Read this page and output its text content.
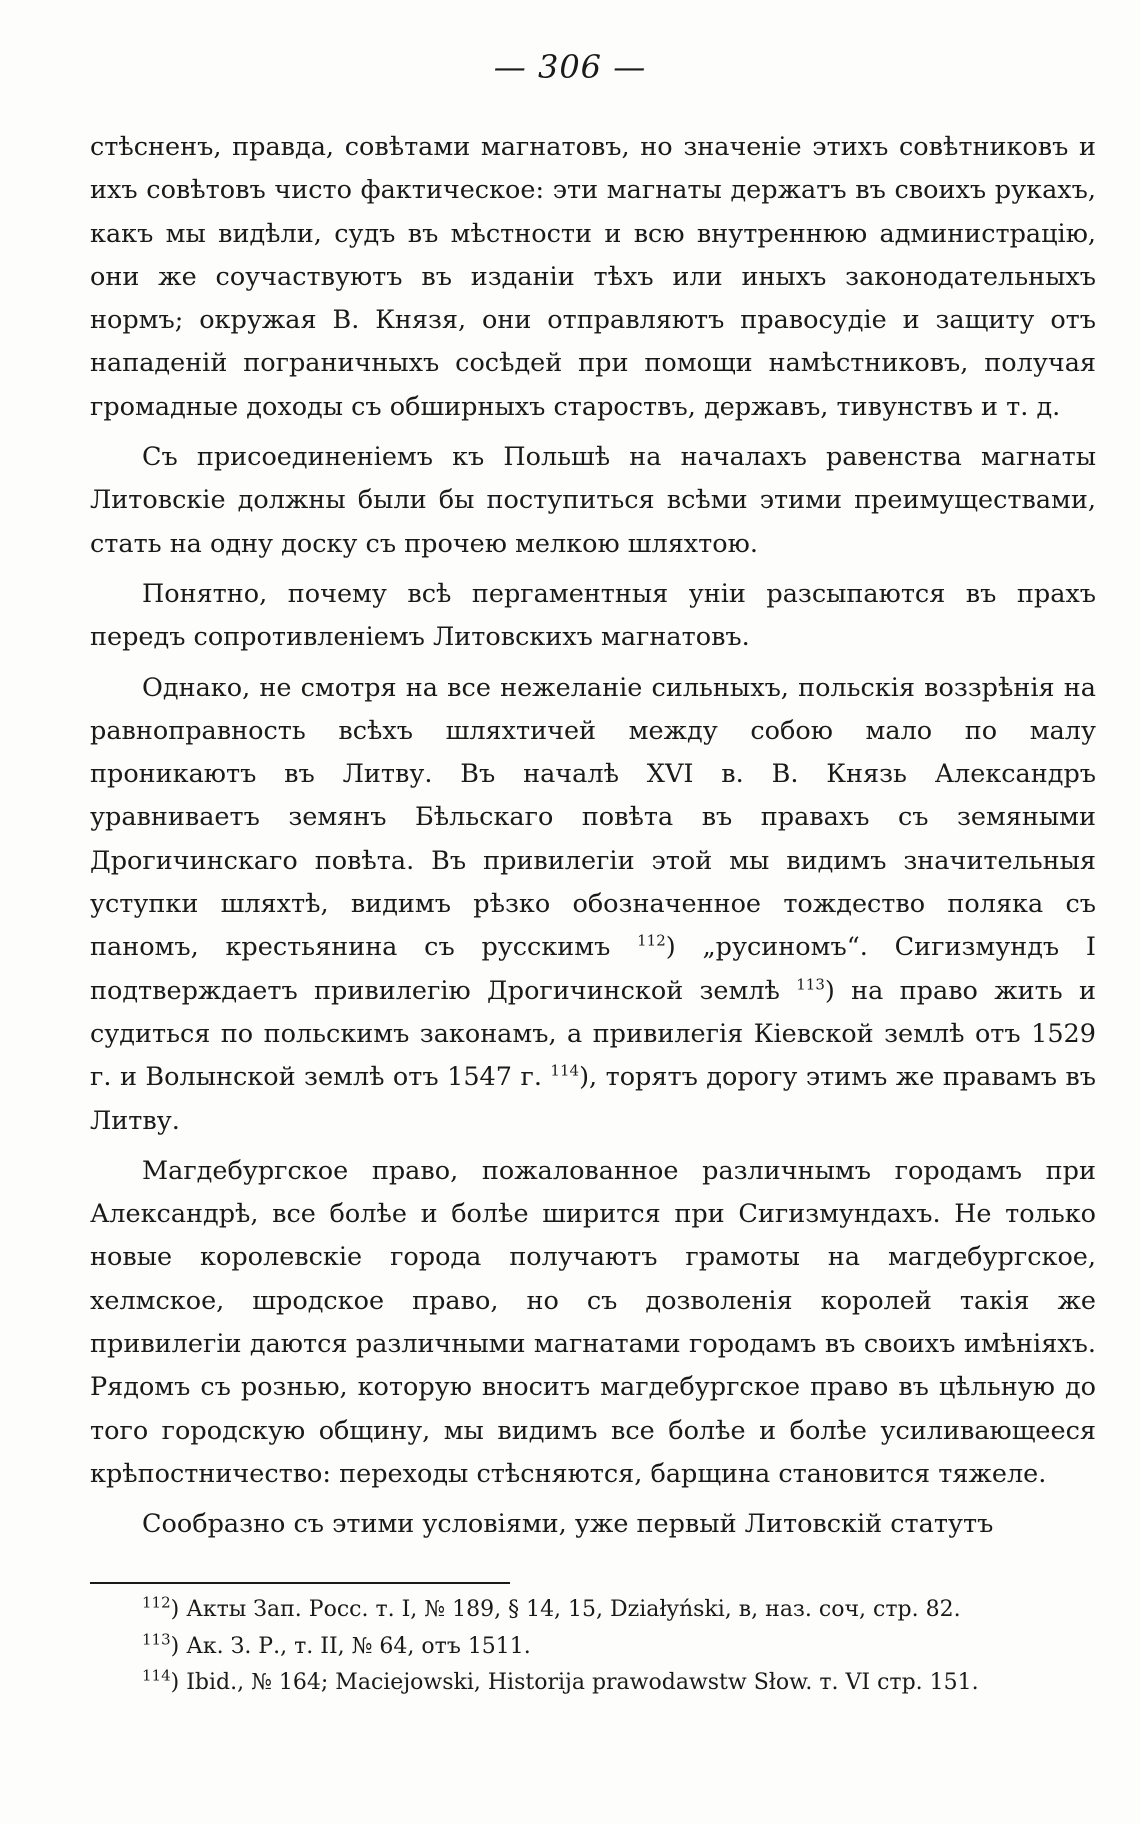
— 306 —

стѣсненъ, правда, совѣтами магнатовъ, но значеніе этихъ совѣтниковъ и ихъ совѣтовъ чисто фактическое: эти магнаты держатъ въ своихъ рукахъ, какъ мы видѣли, судъ въ мѣстности и всю внутреннюю администрацію, они же соучаствуютъ въ изданіи тѣхъ или иныхъ законодательныхъ нормъ; окружая В. Князя, они отправляютъ правосудіе и защиту отъ нападеній пограничныхъ сосѣдей при помощи намѣстниковъ, получая громадные доходы съ обширныхъ староствъ, державъ, тивунствъ и т. д.

Съ присоединеніемъ къ Польшѣ на началахъ равенства магнаты Литовскіе должны были бы поступиться всѣми этими преимуществами, стать на одну доску съ прочею мелкою шляхтою.

Понятно, почему всѣ пергаментныя уніи разсыпаются въ прахъ передъ сопротивленіемъ Литовскихъ магнатовъ.

Однако, не смотря на все нежеланіе сильныхъ, польскія воззрѣнія на равноправность всѣхъ шляхтичей между собою мало по малу проникаютъ въ Литву. Въ началѣ XVI в. В. Князь Александръ уравниваетъ земянъ Бѣльскаго повѣта въ правахъ съ земяными Дрогичинскаго повѣта. Въ привилегіи этой мы видимъ значительныя уступки шляхтѣ, видимъ рѣзко обозначенное тождество поляка съ паномъ, крестьянина съ русскимъ $^{112}$) „русиномъ“. Сигизмундъ I подтверждаетъ привилегію Дрогичинской землѣ $^{113}$) на право жить и судиться по польскимъ законамъ, а привилегія Кіевской землѣ отъ 1529 г. и Волынской землѣ отъ 1547 г. $^{114}$), торятъ дорогу этимъ же правамъ въ Литву.

Магдебургское право, пожалованное различнымъ городамъ при Александрѣ, все болѣе и болѣе ширится при Сигизмундахъ. Не только новые королевскіе города получаютъ грамоты на магдебургское, хелмское, шродское право, но съ дозволенія королей такія же привилегіи даются различными магнатами городамъ въ своихъ имѣніяхъ. Рядомъ съ рознью, которую вноситъ магдебургское право въ цѣльную до того городскую общину, мы видимъ все болѣе и болѣе усиливающееся крѣпостничество: переходы стѣсняются, барщина становится тяжеле.

Сообразно съ этими условіями, уже первый Литовскій статутъ

$^{112}$) Акты Зап. Росс. т. I, № 189, § 14, 15, Działyński, в, наз. соч, стр. 82.

$^{113}$) Ак. З. Р., т. II, № 64, отъ 1511.

$^{114}$) Ibid., № 164; Maciejowski, Historija prawodawstw Słow. т. VI стр. 151.
